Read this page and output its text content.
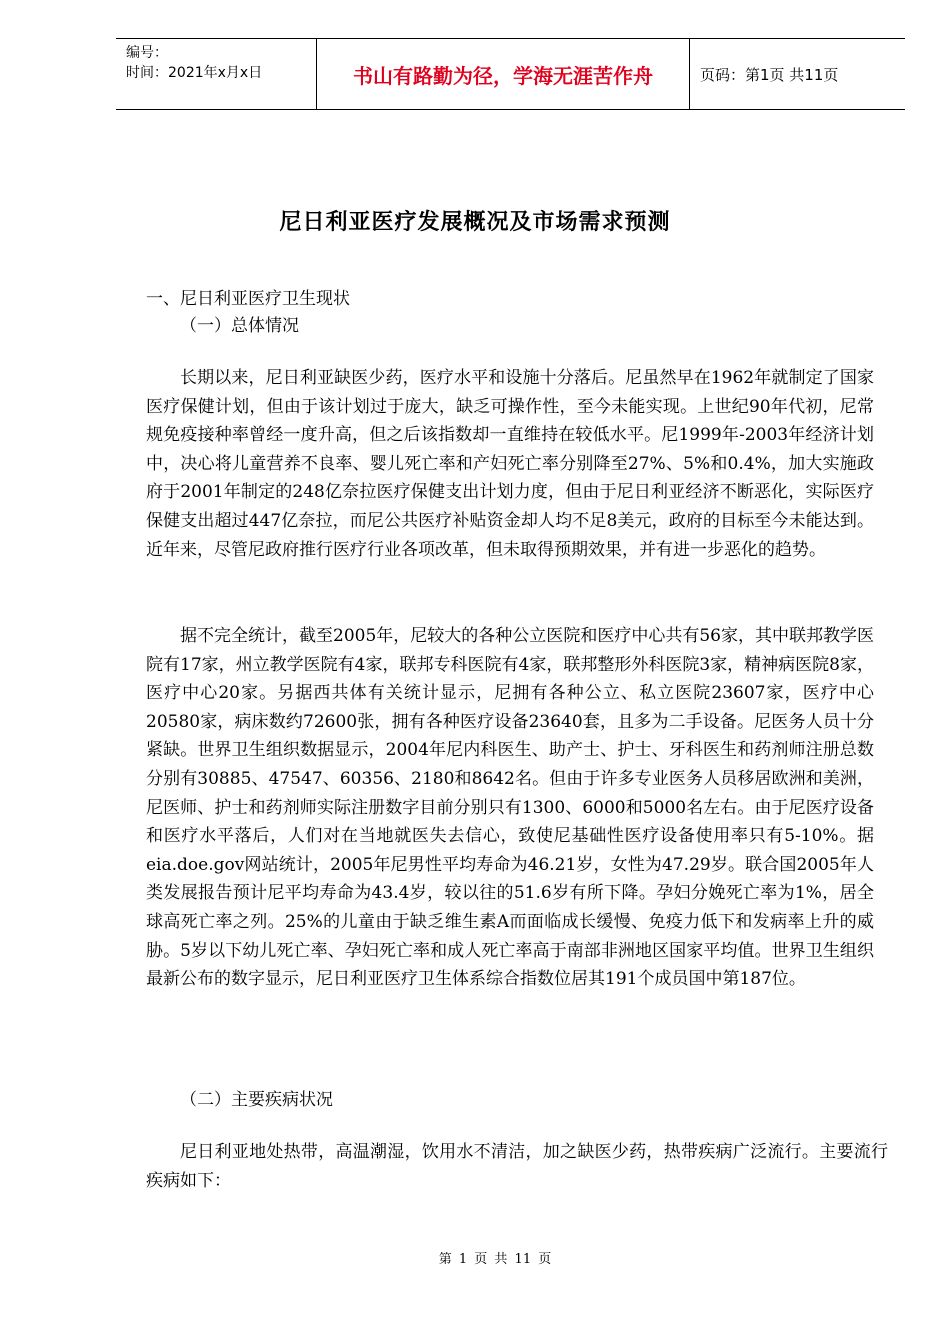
编号：
时间：2021年x月x日	书山有路勤为径，学海无涯苦作舟	页码：第1页 共11页
尼日利亚医疗发展概况及市场需求预测
一、尼日利亚医疗卫生现状
（一）总体情况

长期以来，尼日利亚缺医少药，医疗水平和设施十分落后。尼虽然早在1962年就制定了国家医疗保健计划，但由于该计划过于庞大，缺乏可操作性，至今未能实现。上世纪90年代初，尼常规免疫接种率曾经一度升高，但之后该指数却一直维持在较低水平。尼1999年-2003年经济计划中，决心将儿童营养不良率、婴儿死亡率和产妇死亡率分别降至27%、5%和0.4%，加大实施政府于2001年制定的248亿奈拉医疗保健支出计划力度，但由于尼日利亚经济不断恶化，实际医疗保健支出超过447亿奈拉，而尼公共医疗补贴资金却人均不足8美元，政府的目标至今未能达到。近年来，尽管尼政府推行医疗行业各项改革，但未取得预期效果，并有进一步恶化的趋势。

据不完全统计，截至2005年，尼较大的各种公立医院和医疗中心共有56家，其中联邦教学医院有17家，州立教学医院有4家，联邦专科医院有4家，联邦整形外科医院3家，精神病医院8家，医疗中心20家。另据西共体有关统计显示，尼拥有各种公立、私立医院23607家，医疗中心20580家，病床数约72600张，拥有各种医疗设备23640套，且多为二手设备。尼医务人员十分紧缺。世界卫生组织数据显示，2004年尼内科医生、助产士、护士、牙科医生和药剂师注册总数分别有30885、47547、60356、2180和8642名。但由于许多专业医务人员移居欧洲和美洲，尼医师、护士和药剂师实际注册数字目前分别只有1300、6000和5000名左右。由于尼医疗设备和医疗水平落后，人们对在当地就医失去信心，致使尼基础性医疗设备使用率只有5-10%。据eia.doe.gov网站统计，2005年尼男性平均寿命为46.21岁，女性为47.29岁。联合国2005年人类发展报告预计尼平均寿命为43.4岁，较以往的51.6岁有所下降。孕妇分娩死亡率为1%，居全球高死亡率之列。25%的儿童由于缺乏维生素A而面临成长缓慢、免疫力低下和发病率上升的威胁。5岁以下幼儿死亡率、孕妇死亡率和成人死亡率高于南部非洲地区国家平均值。世界卫生组织最新公布的数字显示，尼日利亚医疗卫生体系综合指数位居其191个成员国中第187位。

（二）主要疾病状况

尼日利亚地处热带，高温潮湿，饮用水不清洁，加之缺医少药，热带疾病广泛流行。主要流行疾病如下：

第 1 页 共 11 页
